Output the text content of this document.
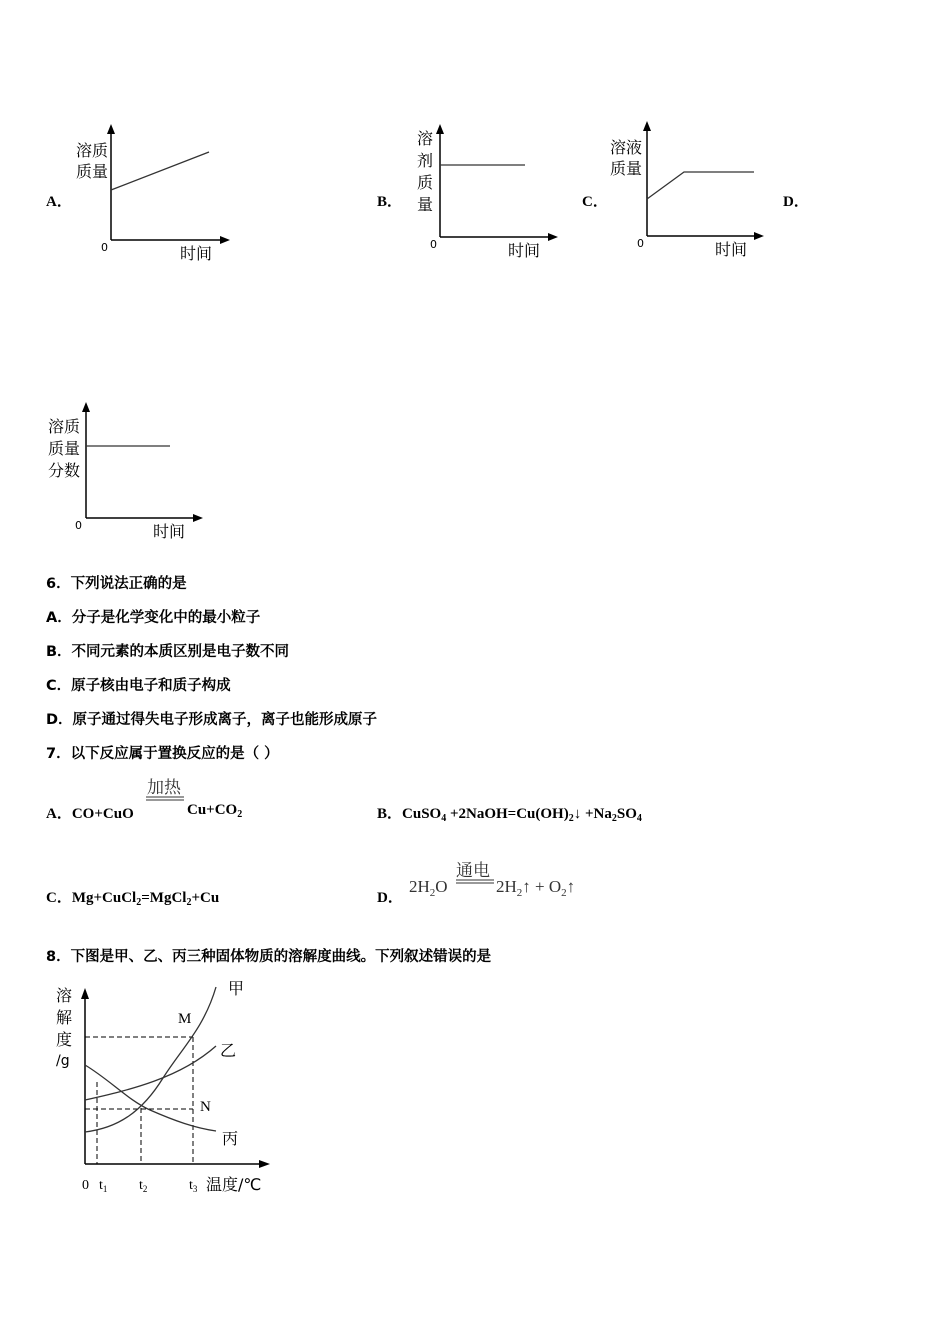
A．
溶质
质量
0	时间
B．
溶
剂
质
量
0	时间
C．
溶液
质量
0	时间
D．
溶质
质量
分数
0	时间
6．下列说法正确的是
A．分子是化学变化中的最小粒子
B．不同元素的本质区别是电子数不同
C．原子核由电子和质子构成
D．原子通过得失电子形成离子，离子也能形成原子
7．以下反应属于置换反应的是（ ）
A．CO+CuO
加热
$Cu+CO_2$	B．CuSO$_4$ $+2NaOH=Cu(OH)_2↓ +Na_2SO_4$
C．Mg+CuCl$_2$=MgCl$_2$+Cu	D．
$2H_2O$
通电
$2H_2↑$ + $O_2↑$
8．下图是甲、乙、丙三种固体物质的溶解度曲线。下列叙述错误的是
溶
解
度
/g
甲
乙
丙
M
N
0 $t_1$ $t_2$	$t_3$ 温度/℃
